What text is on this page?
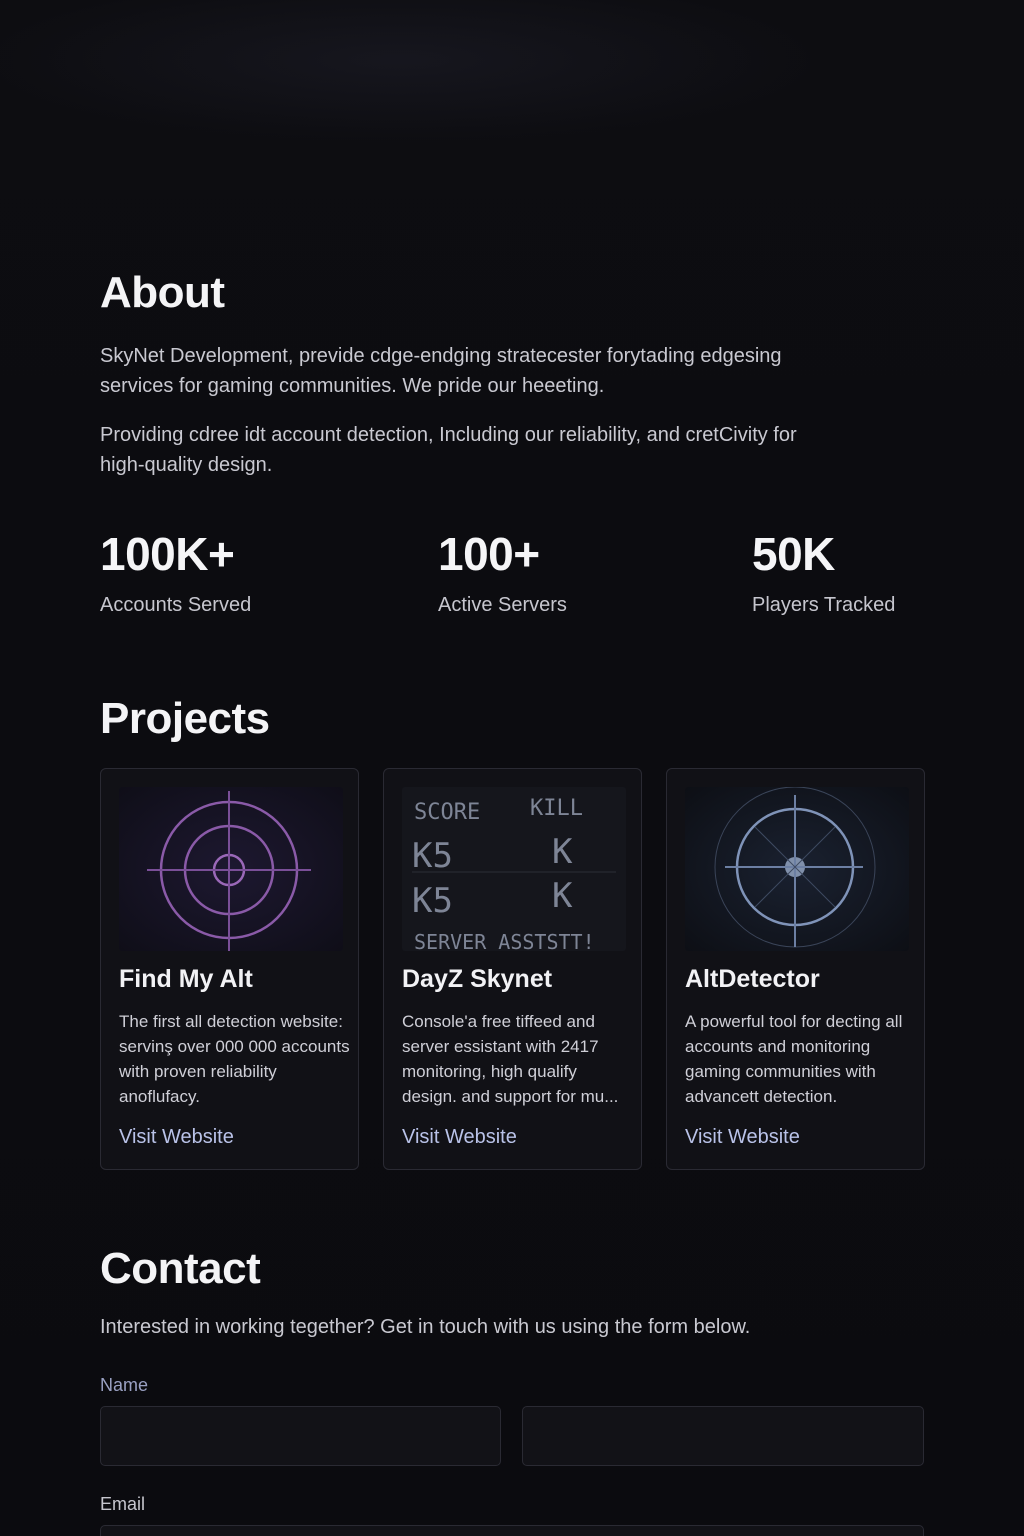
About

SkyNet Development, previde cdge-endging stratecester forytading edgesing services for gaming communities. We pride our heeeting.

Providing cdree idt account detection, Including our reliability, and cretCivity for high-quality design.

100K+
Accounts Served
100+
Active Servers
50K
Players Tracked
Projects
Find My Alt

The first all detection website: servinş over 000 000 accounts with proven reliability anoflufacy.

Visit Website
SCORE KILL
K5	K
K5	K
SERVER ASSTSTT!
DayZ Skynet

Console'a free tiffeed and server essistant with 2417 monitoring, high qualify design. and support for mu...

Visit Website
AltDetector

A powerful tool for decting all accounts and monitoring gaming communities with advancett detection.

Visit Website
Contact

Interested in working tegether? Get in touch with us using the form below.

Name
Email
